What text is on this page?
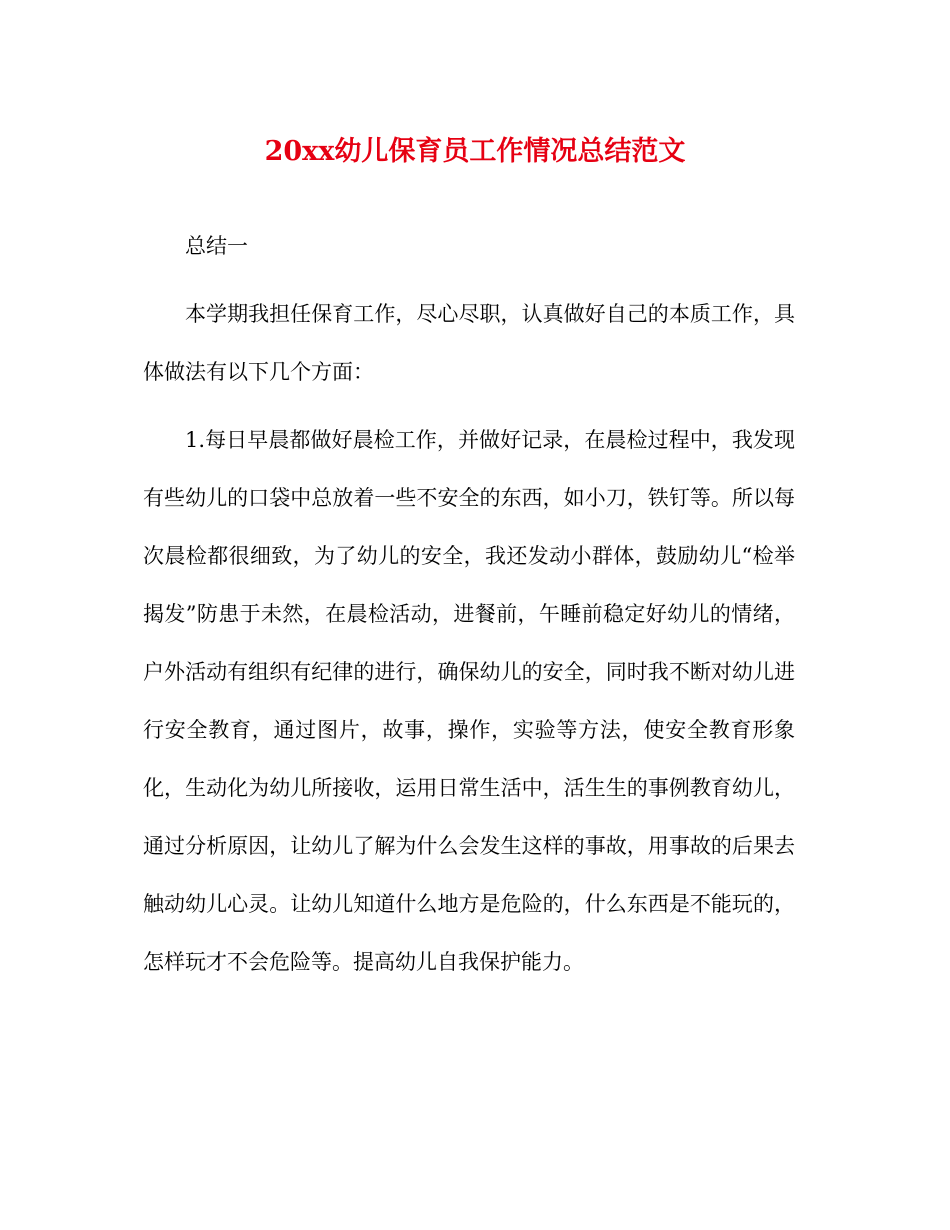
20xx幼儿保育员工作情况总结范文

总结一

本学期我担任保育工作，尽心尽职，认真做好自己的本质工作，具体做法有以下几个方面：

1.每日早晨都做好晨检工作，并做好记录，在晨检过程中，我发现有些幼儿的口袋中总放着一些不安全的东西，如小刀，铁钉等。所以每次晨检都很细致，为了幼儿的安全，我还发动小群体，鼓励幼儿“检举揭发”防患于未然，在晨检活动，进餐前，午睡前稳定好幼儿的情绪，户外活动有组织有纪律的进行，确保幼儿的安全，同时我不断对幼儿进行安全教育，通过图片，故事，操作，实验等方法，使安全教育形象化，生动化为幼儿所接收，运用日常生活中，活生生的事例教育幼儿，通过分析原因，让幼儿了解为什么会发生这样的事故，用事故的后果去触动幼儿心灵。让幼儿知道什么地方是危险的，什么东西是不能玩的，怎样玩才不会危险等。提高幼儿自我保护能力。
